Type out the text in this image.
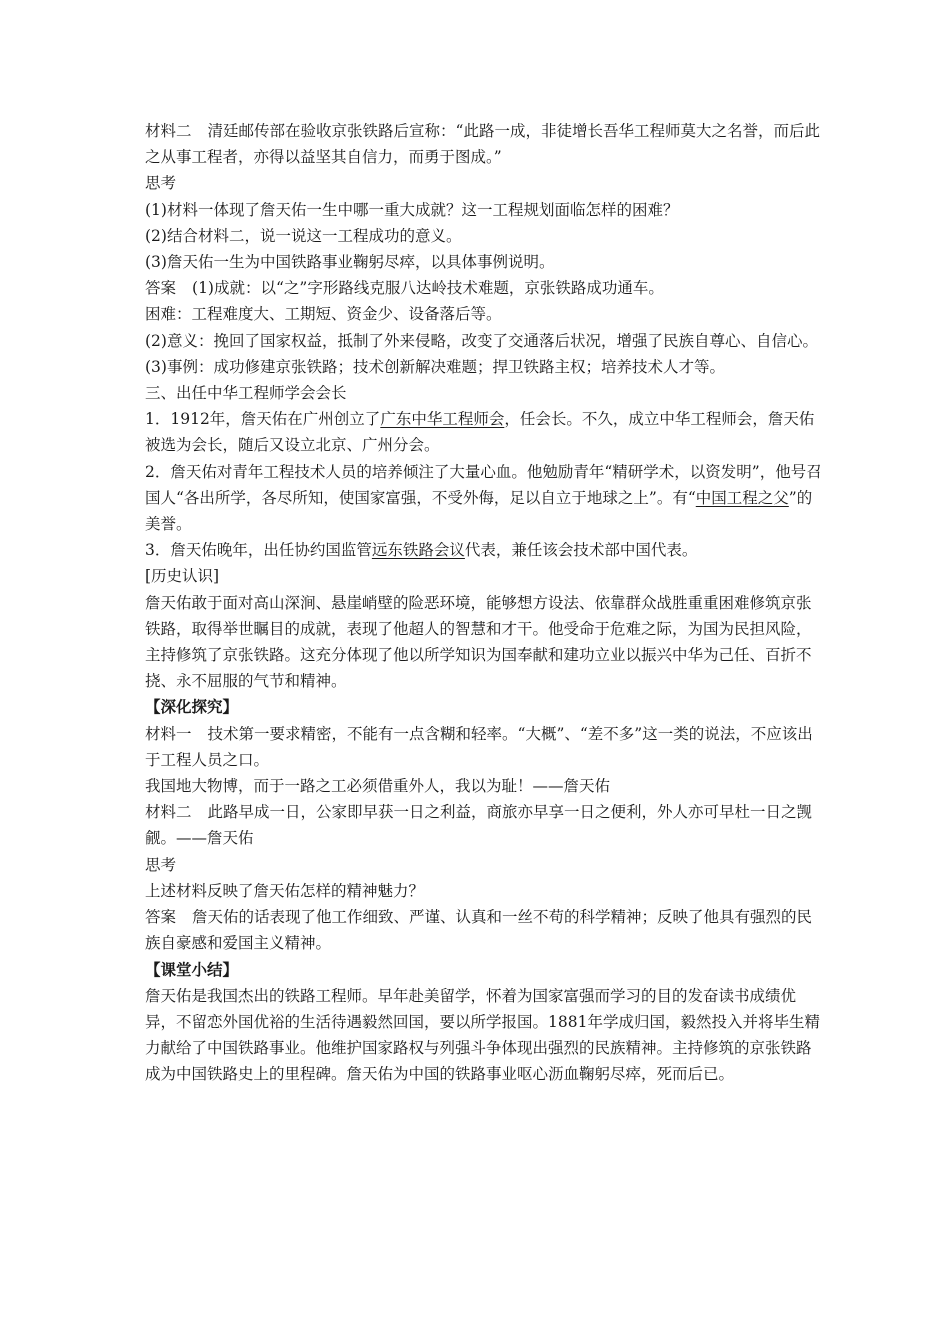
材料二 清廷邮传部在验收京张铁路后宣称：“此路一成，非徒增长吾华工程师莫大之名誉，而后此之从事工程者，亦得以益坚其自信力，而勇于图成。”

思考

(1)材料一体现了詹天佑一生中哪一重大成就？这一工程规划面临怎样的困难？

(2)结合材料二，说一说这一工程成功的意义。

(3)詹天佑一生为中国铁路事业鞠躬尽瘁，以具体事例说明。

答案 (1)成就：以“之”字形路线克服八达岭技术难题，京张铁路成功通车。

困难：工程难度大、工期短、资金少、设备落后等。

(2)意义：挽回了国家权益，抵制了外来侵略，改变了交通落后状况，增强了民族自尊心、自信心。

(3)事例：成功修建京张铁路；技术创新解决难题；捍卫铁路主权；培养技术人才等。

三、出任中华工程师学会会长

1．1912年，詹天佑在广州创立了广东中华工程师会，任会长。不久，成立中华工程师会，詹天佑被选为会长，随后又设立北京、广州分会。

2．詹天佑对青年工程技术人员的培养倾注了大量心血。他勉励青年“精研学术，以资发明”，他号召国人“各出所学，各尽所知，使国家富强，不受外侮，足以自立于地球之上”。有“中国工程之父”的美誉。

3．詹天佑晚年，出任协约国监管远东铁路会议代表，兼任该会技术部中国代表。

[历史认识]

詹天佑敢于面对高山深涧、悬崖峭壁的险恶环境，能够想方设法、依靠群众战胜重重困难修筑京张铁路，取得举世瞩目的成就，表现了他超人的智慧和才干。他受命于危难之际，为国为民担风险，主持修筑了京张铁路。这充分体现了他以所学知识为国奉献和建功立业以振兴中华为己任、百折不挠、永不屈服的气节和精神。

【深化探究】

材料一 技术第一要求精密，不能有一点含糊和轻率。“大概”、“差不多”这一类的说法，不应该出于工程人员之口。

我国地大物博，而于一路之工必须借重外人，我以为耻！——詹天佑

材料二 此路早成一日，公家即早获一日之利益，商旅亦早享一日之便利，外人亦可早杜一日之觊觎。——詹天佑

思考

上述材料反映了詹天佑怎样的精神魅力？

答案 詹天佑的话表现了他工作细致、严谨、认真和一丝不苟的科学精神；反映了他具有强烈的民族自豪感和爱国主义精神。

【课堂小结】

詹天佑是我国杰出的铁路工程师。早年赴美留学，怀着为国家富强而学习的目的发奋读书成绩优异，不留恋外国优裕的生活待遇毅然回国，要以所学报国。1881年学成归国，毅然投入并将毕生精力献给了中国铁路事业。他维护国家路权与列强斗争体现出强烈的民族精神。主持修筑的京张铁路成为中国铁路史上的里程碑。詹天佑为中国的铁路事业呕心沥血鞠躬尽瘁，死而后已。
